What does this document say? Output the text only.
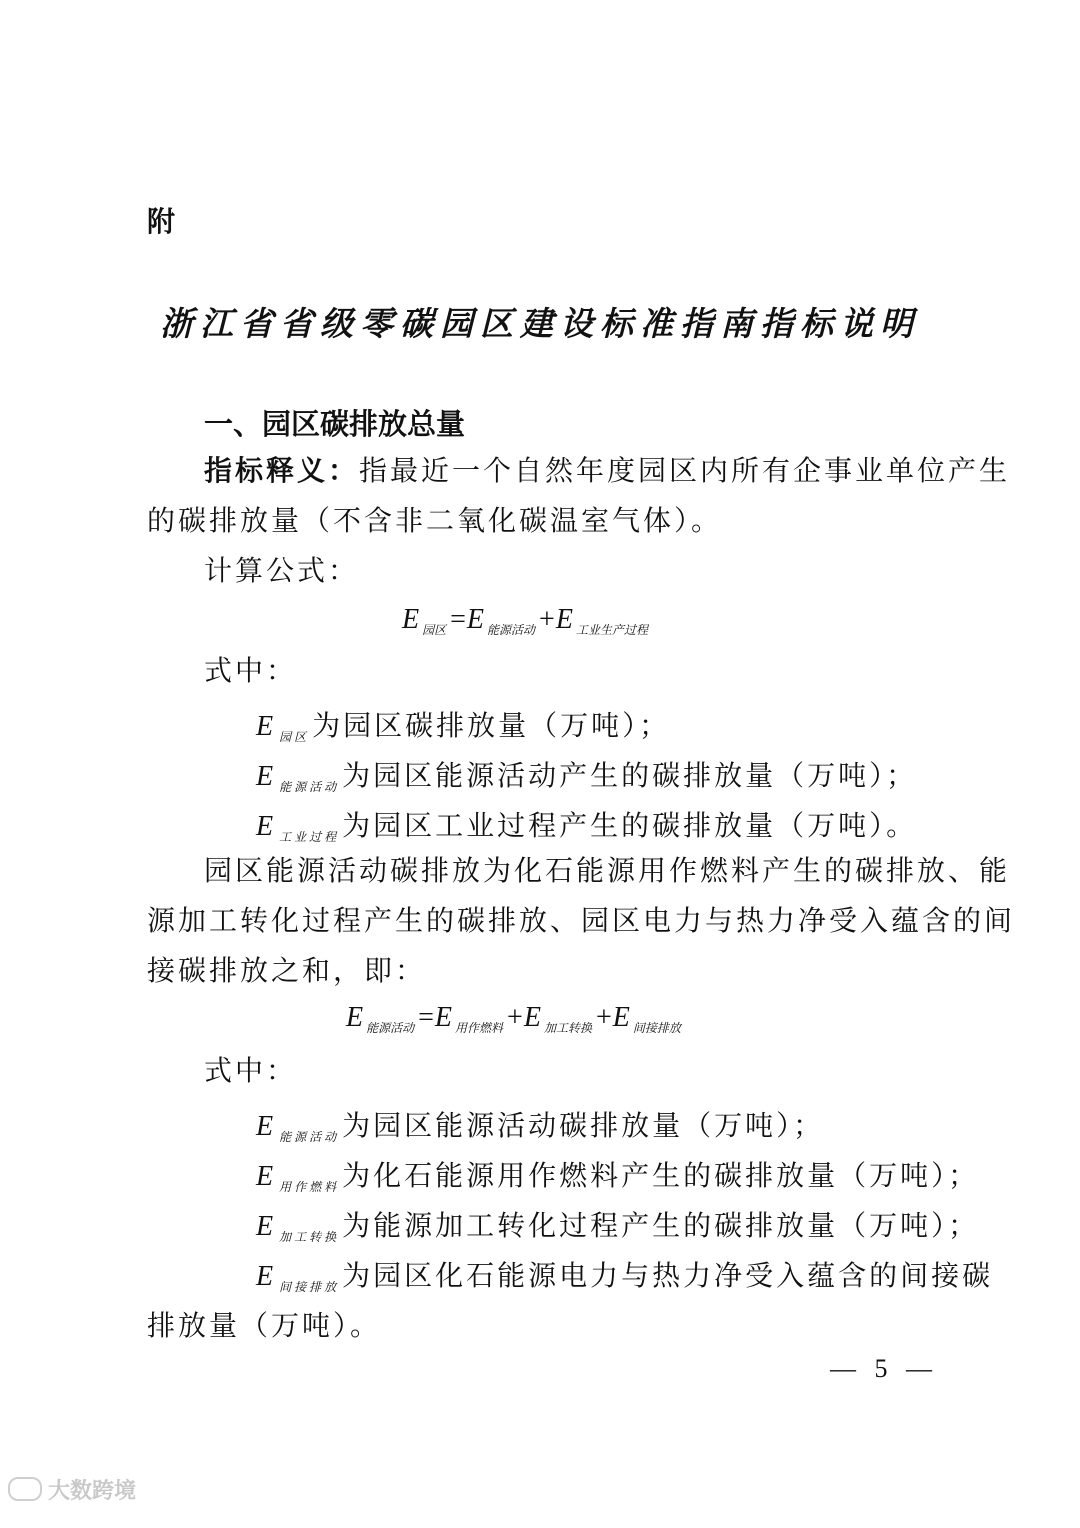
附
浙江省省级零碳园区建设标准指南指标说明
一、园区碳排放总量
指标释义：指最近一个自然年度园区内所有企事业单位产生
的碳排放量（不含非二氧化碳温室气体）。
计算公式：
E $_{园区}$ =E $_{能源活动}$ +E $_{工业生产过程}$
式中：
E $_{园区}$ 为园区碳排放量（万吨）；
E $_{能源活动}$ 为园区能源活动产生的碳排放量（万吨）；
E $_{工业过程}$ 为园区工业过程产生的碳排放量（万吨）。
园区能源活动碳排放为化石能源用作燃料产生的碳排放、能
源加工转化过程产生的碳排放、园区电力与热力净受入蕴含的间
接碳排放之和，即：
E $_{能源活动}$ =E $_{用作燃料}$ +E $_{加工转换}$ +E $_{间接排放}$
式中：
E $_{能源活动}$ 为园区能源活动碳排放量（万吨）；
E $_{用作燃料}$ 为化石能源用作燃料产生的碳排放量（万吨）；
E $_{加工转换}$ 为能源加工转化过程产生的碳排放量（万吨）；
E $_{间接排放}$ 为园区化石能源电力与热力净受入蕴含的间接碳
排放量（万吨）。
— 5 —
大数跨境
